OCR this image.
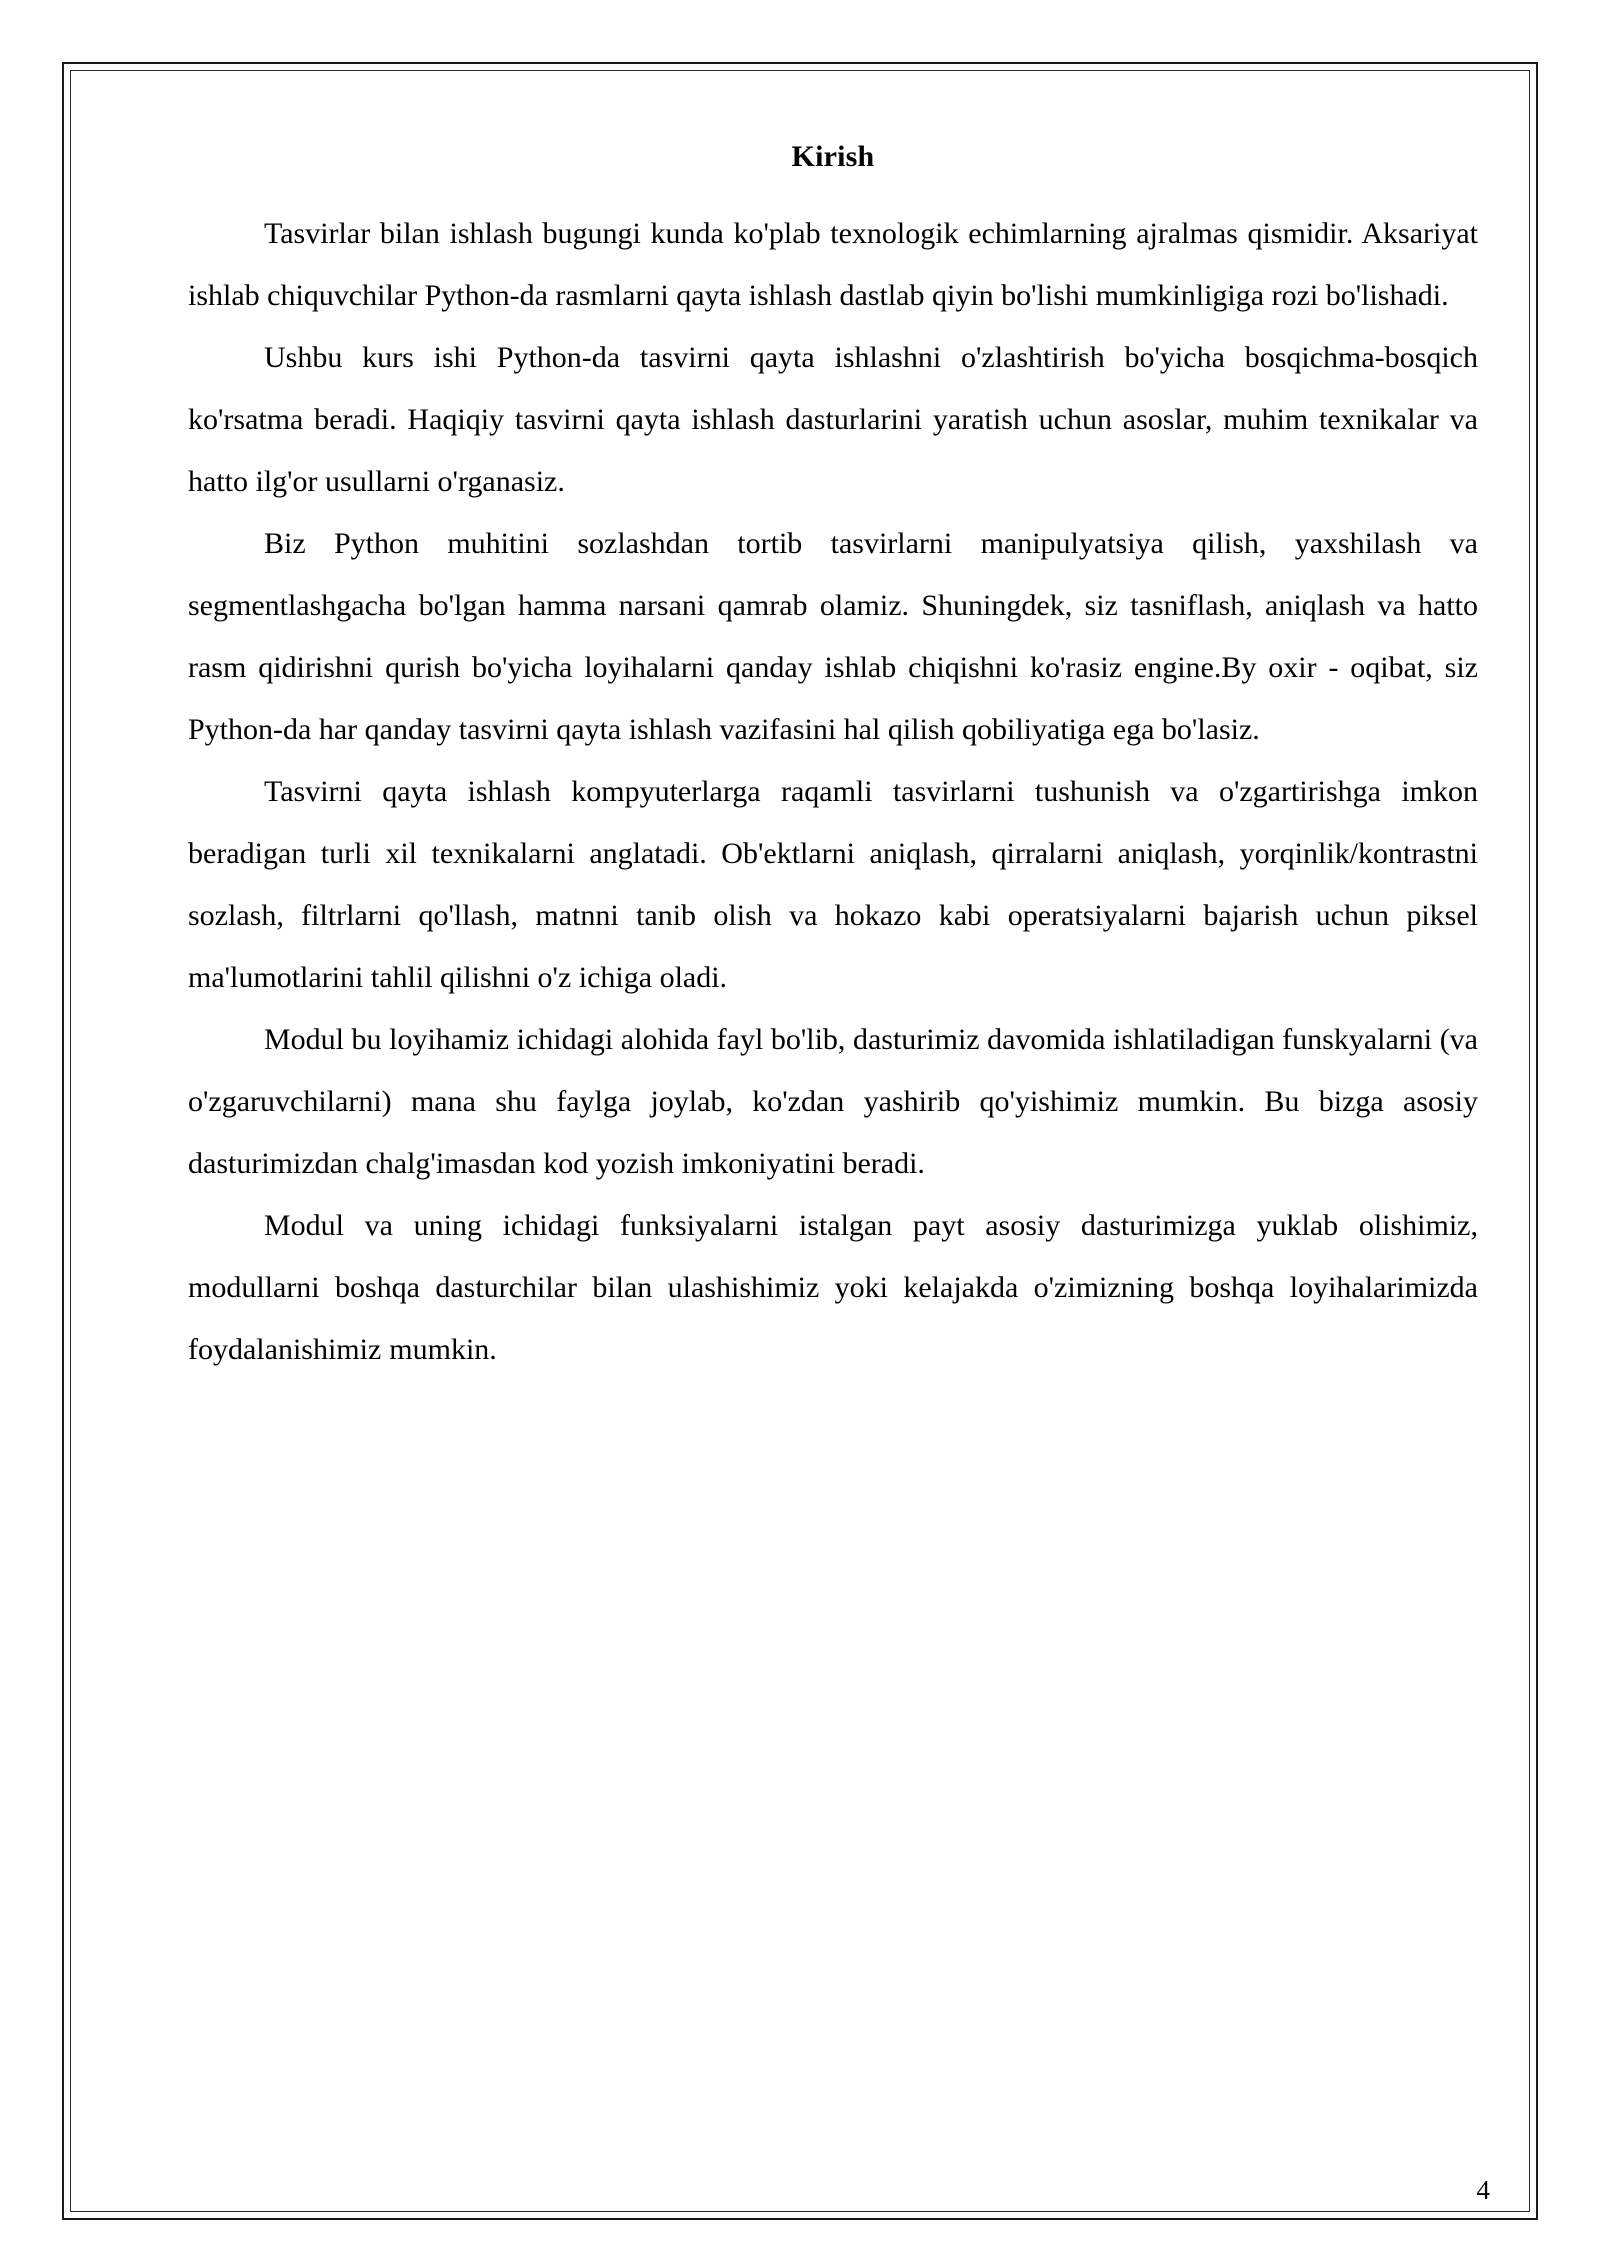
Kirish

Tasvirlar bilan ishlash bugungi kunda ko'plab texnologik echimlarning ajralmas qismidir. Aksariyat ishlab chiquvchilar Python-da rasmlarni qayta ishlash dastlab qiyin bo'lishi mumkinligiga rozi bo'lishadi.

Ushbu kurs ishi Python-da tasvirni qayta ishlashni o'zlashtirish bo'yicha bosqichma-bosqich ko'rsatma beradi. Haqiqiy tasvirni qayta ishlash dasturlarini yaratish uchun asoslar, muhim texnikalar va hatto ilg'or usullarni o'rganasiz.

Biz Python muhitini sozlashdan tortib tasvirlarni manipulyatsiya qilish, yaxshilash va segmentlashgacha bo'lgan hamma narsani qamrab olamiz. Shuningdek, siz tasniflash, aniqlash va hatto rasm qidirishni qurish bo'yicha loyihalarni qanday ishlab chiqishni ko'rasiz engine.By oxir - oqibat, siz Python-da har qanday tasvirni qayta ishlash vazifasini hal qilish qobiliyatiga ega bo'lasiz.

Tasvirni qayta ishlash kompyuterlarga raqamli tasvirlarni tushunish va o'zgartirishga imkon beradigan turli xil texnikalarni anglatadi. Ob'ektlarni aniqlash, qirralarni aniqlash, yorqinlik/kontrastni sozlash, filtrlarni qo'llash, matnni tanib olish va hokazo kabi operatsiyalarni bajarish uchun piksel ma'lumotlarini tahlil qilishni o'z ichiga oladi.

Modul bu loyihamiz ichidagi alohida fayl bo'lib, dasturimiz davomida ishlatiladigan funskyalarni (va o'zgaruvchilarni) mana shu faylga joylab, ko'zdan yashirib qo'yishimiz mumkin. Bu bizga asosiy dasturimizdan chalg'imasdan kod yozish imkoniyatini beradi.

Modul va uning ichidagi funksiyalarni istalgan payt asosiy dasturimizga yuklab olishimiz, modullarni boshqa dasturchilar bilan ulashishimiz yoki kelajakda o'zimizning boshqa loyihalarimizda foydalanishimiz mumkin.

4
